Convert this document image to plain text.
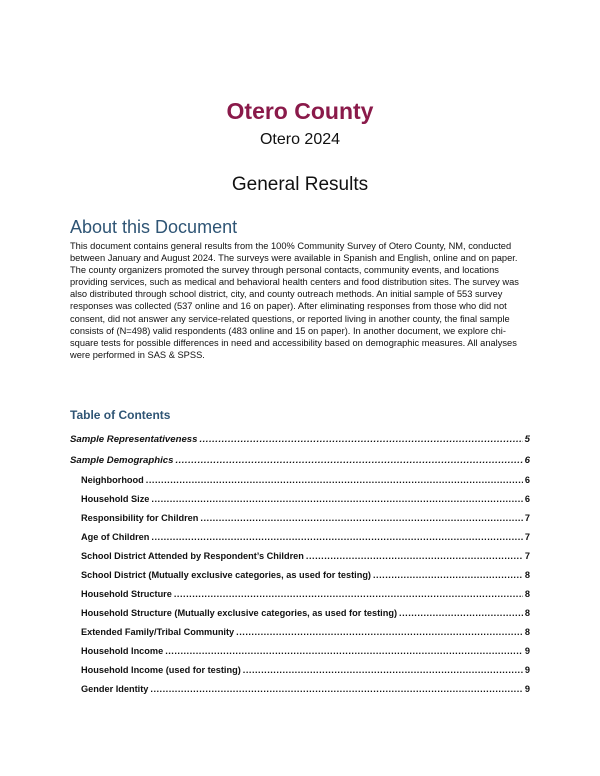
Otero County
Otero 2024
General Results
About this Document
This document contains general results from the 100% Community Survey of Otero County, NM, conducted between January and August 2024. The surveys were available in Spanish and English, online and on paper. The county organizers promoted the survey through personal contacts, community events, and locations providing services, such as medical and behavioral health centers and food distribution sites. The survey was also distributed through school district, city, and county outreach methods. An initial sample of 553 survey responses was collected (537 online and 16 on paper). After eliminating responses from those who did not consent, did not answer any service-related questions, or reported living in another county, the final sample consists of (N=498) valid respondents (483 online and 15 on paper). In another document, we explore chi-square tests for possible differences in need and accessibility based on demographic measures. All analyses were performed in SAS & SPSS.
Table of Contents
Sample Representativeness .....	5
Sample Demographics .....	6
Neighborhood .....	6
Household Size .....	6
Responsibility for Children .....	7
Age of Children .....	7
School District Attended by Respondent’s Children .....	7
School District (Mutually exclusive categories, as used for testing) .....	8
Household Structure .....	8
Household Structure (Mutually exclusive categories, as used for testing) .....	8
Extended Family/Tribal Community .....	8
Household Income .....	9
Household Income (used for testing) .....	9
Gender Identity .....	9
